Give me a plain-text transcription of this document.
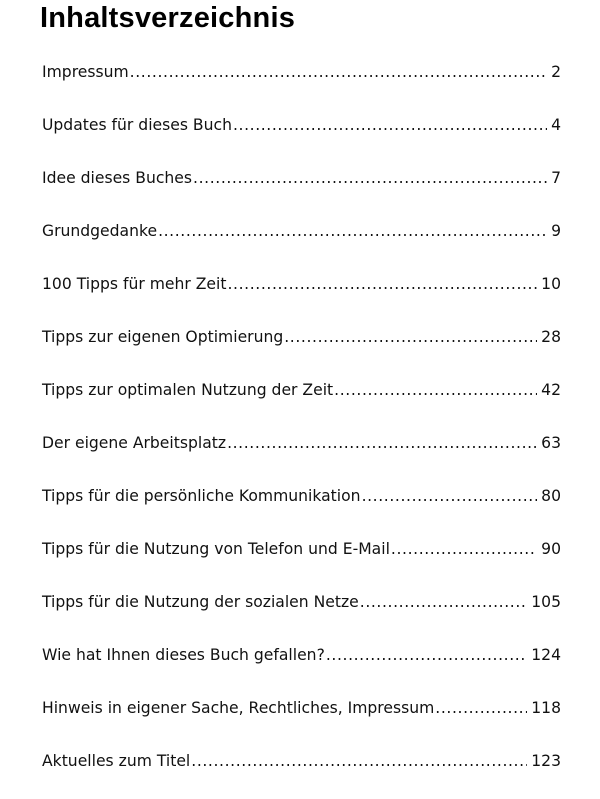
Inhaltsverzeichnis
Impressum .....	2
Updates für dieses Buch .....	4
Idee dieses Buches .....	7
Grundgedanke .....	9
100 Tipps für mehr Zeit .....	10
Tipps zur eigenen Optimierung .....	28
Tipps zur optimalen Nutzung der Zeit .....	42
Der eigene Arbeitsplatz .....	63
Tipps für die persönliche Kommunikation .....	80
Tipps für die Nutzung von Telefon und E-Mail .....	90
Tipps für die Nutzung der sozialen Netze .....	105
Wie hat Ihnen dieses Buch gefallen? .....	124
Hinweis in eigener Sache, Rechtliches, Impressum .....	118
Aktuelles zum Titel .....	123
